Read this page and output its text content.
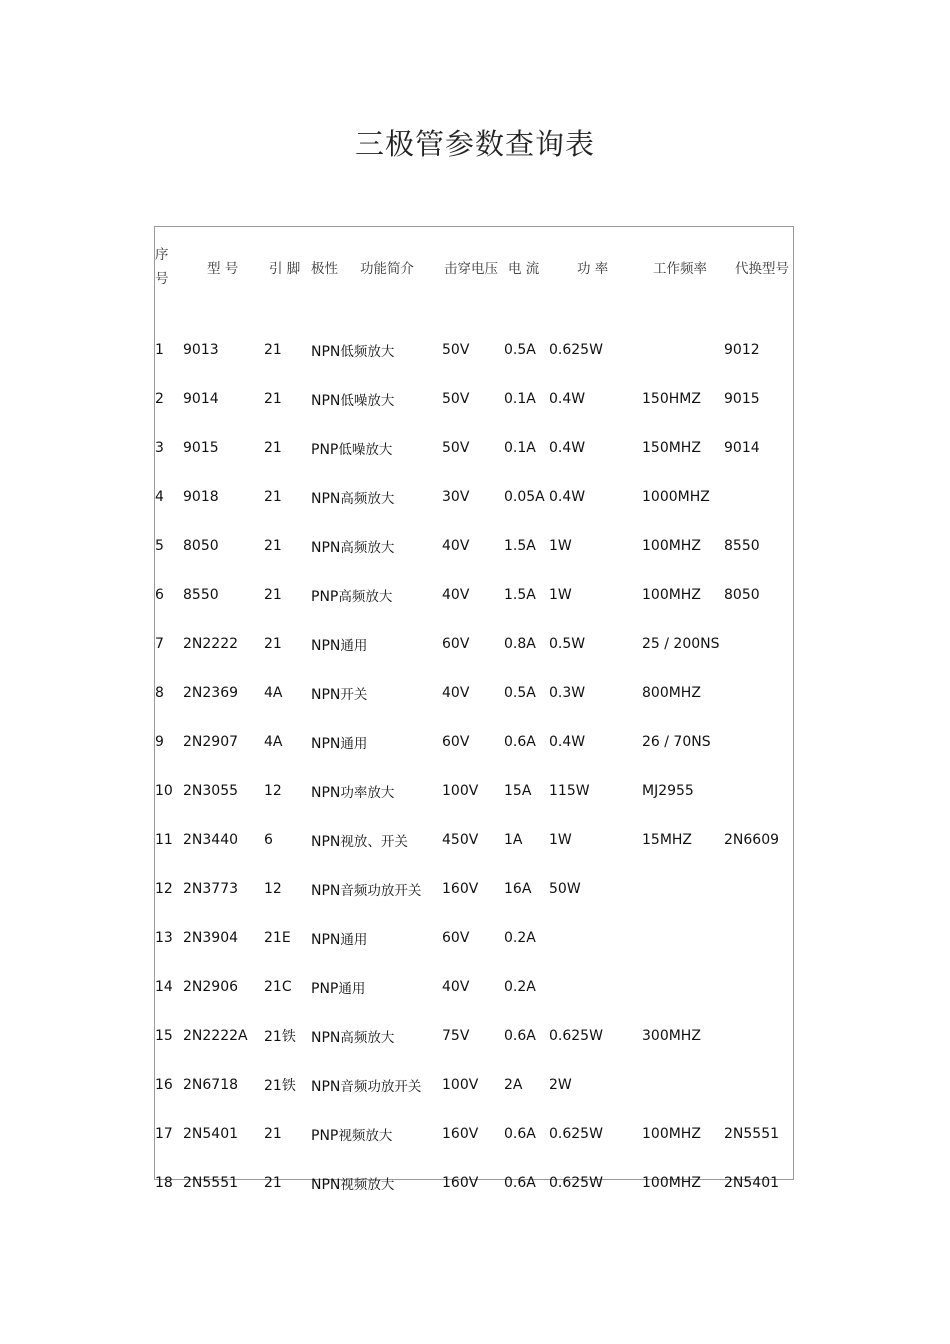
三极管参数查询表
序号	型 号	引 脚	极性 功能简介	击穿电压	电 流	功 率	工作频率	代换型号
1	9013	21	NPN低频放大	50V	0.5A	0.625W		9012
2	9014	21	NPN低噪放大	50V	0.1A	0.4W	150HMZ	9015
3	9015	21	PNP低噪放大	50V	0.1A	0.4W	150MHZ	9014
4	9018	21	NPN高频放大	30V	0.05A	0.4W	1000MHZ	
5	8050	21	NPN高频放大	40V	1.5A	1W	100MHZ	8550
6	8550	21	PNP高频放大	40V	1.5A	1W	100MHZ	8050
7	2N2222	21	NPN通用	60V	0.8A	0.5W	25 / 200NS	
8	2N2369	4A	NPN开关	40V	0.5A	0.3W	800MHZ	
9	2N2907	4A	NPN通用	60V	0.6A	0.4W	26 / 70NS	
10	2N3055	12	NPN功率放大	100V	15A	115W	MJ2955	
11	2N3440	6	NPN视放、开关	450V	1A	1W	15MHZ	2N6609
12	2N3773	12	NPN音频功放开关	160V	16A	50W		
13	2N3904	21E	NPN通用	60V	0.2A			
14	2N2906	21C	PNP通用	40V	0.2A			
15	2N2222A	21铁	NPN高频放大	75V	0.6A	0.625W	300MHZ	
16	2N6718	21铁	NPN音频功放开关	100V	2A	2W		
17	2N5401	21	PNP视频放大	160V	0.6A	0.625W	100MHZ	2N5551
18	2N5551	21	NPN视频放大	160V	0.6A	0.625W	100MHZ	2N5401
